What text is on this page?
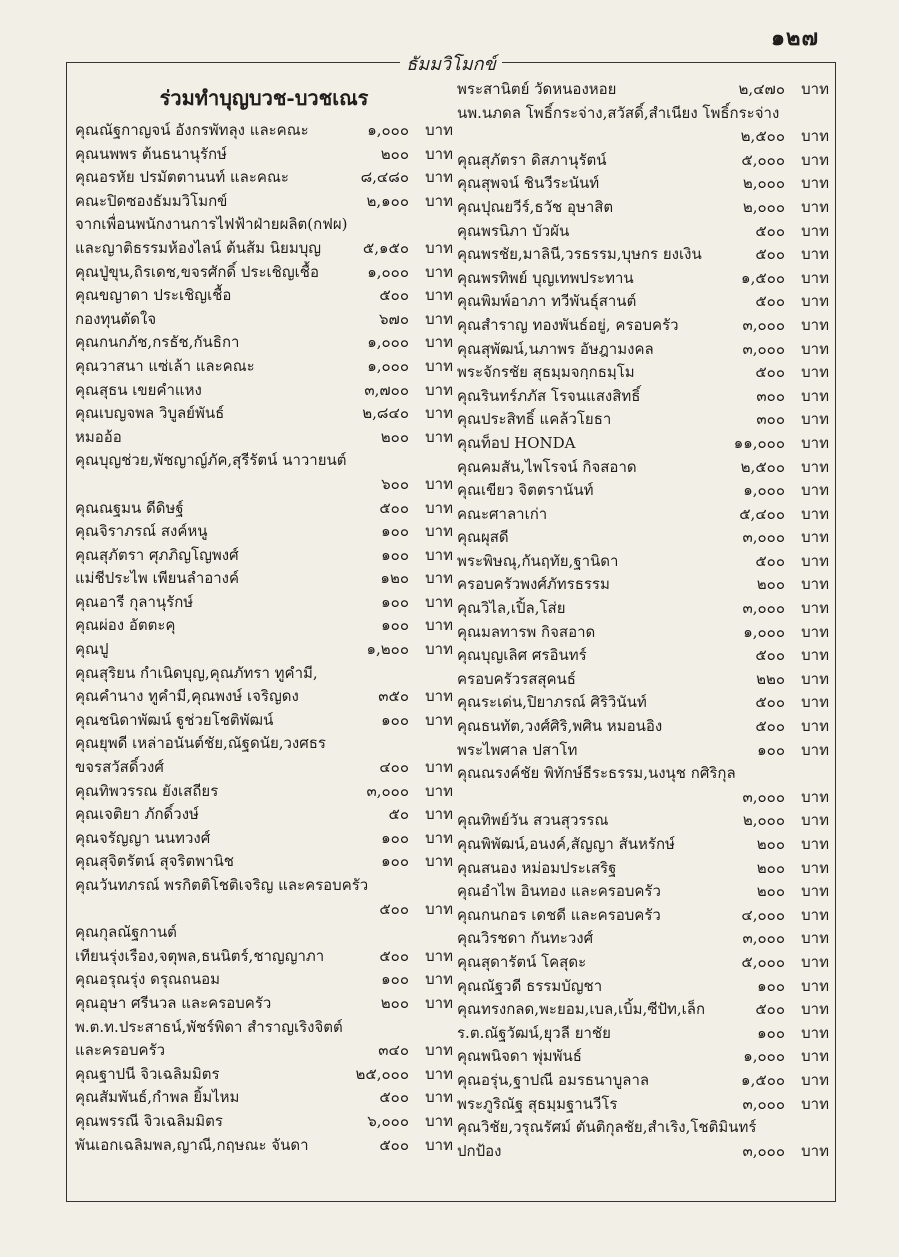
๑๒๗
ธัมมวิโมกข์
ร่วมทำบุญบวช-บวชเณร
คุณณัฐกาญจน์ อังกรพัทลุง และคณะ	๑,๐๐๐	บาท
คุณนพพร ต้นธนานุรักษ์	๒๐๐	บาท
คุณอรหัย ปรมัตตานนท์ และคณะ	๘,๔๘๐	บาท
คณะปิดซองธัมมวิโมกข์	๒,๑๐๐	บาท
จากเพื่อนพนักงานการไฟฟ้าฝ่ายผลิต(กฟผ)
และญาติธรรมห้องไลน์ ต้นส้ม นิยมบุญ	๕,๑๕๐	บาท
คุณปู่ขุน,ถิรเดช,ขจรศักดิ์ ประเชิญเชื้อ	๑,๐๐๐	บาท
คุณขญาดา ประเชิญเชื้อ	๕๐๐	บาท
กองทุนตัดใจ	๖๗๐	บาท
คุณกนกภัช,กรธัช,กันธิกา	๑,๐๐๐	บาท
คุณวาสนา แซ่เล้า และคณะ	๑,๐๐๐	บาท
คุณสุธน เขยคำแหง	๓,๗๐๐	บาท
คุณเบญจพล วิบูลย์พันธ์	๒,๘๔๐	บาท
หมออ้อ	๒๐๐	บาท
คุณบุญช่วย,พัชญาญ์ภัค,สุรีรัตน์ นาวายนต์
๖๐๐	บาท
คุณณฐมน ดีดิษฐ์	๕๐๐	บาท
คุณจิราภรณ์ สงค์หนู	๑๐๐	บาท
คุณสุภัตรา ศุภภิญโญพงศ์	๑๐๐	บาท
แม่ชีประไพ เพียนลำอางค์	๑๒๐	บาท
คุณอารี กุลานุรักษ์	๑๐๐	บาท
คุณผ่อง อัตตะคุ	๑๐๐	บาท
คุณปู	๑,๒๐๐	บาท
คุณสุริยน กำเนิดบุญ,คุณภัทรา ทูคำมี,
คุณคำนาง ทูคำมี,คุณพงษ์ เจริญดง	๓๕๐	บาท
คุณชนิดาพัฒน์ ฐูช่วยโชติพัฒน์	๑๐๐	บาท
คุณยุพดี เหล่าอนันต์ชัย,ณัฐดนัย,วงศธร
ขจรสวัสดิ์วงศ์	๔๐๐	บาท
คุณทิพวรรณ ยังเสถียร	๓,๐๐๐	บาท
คุณเจติยา ภักดิ์วงษ์	๕๐	บาท
คุณจรัญญา นนทวงศ์	๑๐๐	บาท
คุณสุจิตรัตน์ สุจริตพานิช	๑๐๐	บาท
คุณวันทภรณ์ พรกิตติโชติเจริญ และครอบครัว
๕๐๐	บาท
คุณกุลณัฐกานต์
เทียนรุ่งเรือง,จตุพล,ธนนิตร์,ชาญญาภา	๕๐๐	บาท
คุณอรุณรุ่ง ดรุณถนอม	๑๐๐	บาท
คุณอุษา ศรีนวล และครอบครัว	๒๐๐	บาท
พ.ต.ท.ประสาธน์,พัชร์พิดา สำราญเริงจิตต์
และครอบครัว	๓๔๐	บาท
คุณฐาปนี จิวเฉลิมมิตร	๒๕,๐๐๐	บาท
คุณสัมพันธ์,กำพล ยิ้มไหม	๕๐๐	บาท
คุณพรรณี จิวเฉลิมมิตร	๖,๐๐๐	บาท
พันเอกเฉลิมพล,ญาณี,กฤษณะ จันดา	๕๐๐	บาท
พระสานิตย์ วัดหนองหอย	๒,๔๗๐	บาท
นพ.นภดล โพธิ์กระจ่าง,สวัสดิ์,สำเนียง โพธิ์กระจ่าง
๒,๕๐๐	บาท
คุณสุภัตรา ดิสภานุรัตน์	๕,๐๐๐	บาท
คุณสุพจน์ ชินวีระนันท์	๒,๐๐๐	บาท
คุณปุณยวีร์,ธวัช อุษาสิต	๒,๐๐๐	บาท
คุณพรนิภา บัวผัน	๕๐๐	บาท
คุณพรชัย,มาลินี,วรธรรม,บุษกร ยงเงิน	๕๐๐	บาท
คุณพรทิพย์ บุญเทพประทาน	๑,๕๐๐	บาท
คุณพิมพ์อาภา ทวีพันธุ์สานต์	๕๐๐	บาท
คุณสำราญ ทองพันธ์อยู่, ครอบครัว	๓,๐๐๐	บาท
คุณสุพัฒน์,นภาพร อัษฎามงคล	๓,๐๐๐	บาท
พระจักรชัย สุธมฺมจกฺกธมฺโม	๕๐๐	บาท
คุณรินทร์ภภัส โรจนแสงสิทธิ์	๓๐๐	บาท
คุณประสิทธิ์ แคล้วโยธา	๓๐๐	บาท
คุณท็อป HONDA	๑๑,๐๐๐	บาท
คุณคมสัน,ไพโรจน์ กิจสอาด	๒,๕๐๐	บาท
คุณเขียว จิตตรานันท์	๑,๐๐๐	บาท
คณะศาลาเก่า	๕,๔๐๐	บาท
คุณผุสดี	๓,๐๐๐	บาท
พระพิษณุ,กันฤทัย,ฐานิดา	๕๐๐	บาท
ครอบครัวพงศ์ภัทรธรรม	๒๐๐	บาท
คุณวิไล,เปิ้ล,โส่ย	๓,๐๐๐	บาท
คุณมลทารพ กิจสอาด	๑,๐๐๐	บาท
คุณบุญเลิศ ศรอินทร์	๕๐๐	บาท
ครอบครัวรสสุคนธ์	๒๒๐	บาท
คุณระเด่น,ปิยาภรณ์ ศิริวินันท์	๕๐๐	บาท
คุณธนทัต,วงศ์ศิริ,พศิน หมอนอิง	๕๐๐	บาท
พระไพศาล ปสาโท	๑๐๐	บาท
คุณณรงค์ชัย พิทักษ์ธีระธรรม,นงนุช กศิริกุล
๓,๐๐๐	บาท
คุณทิพย์วัน สวนสุวรรณ	๒,๐๐๐	บาท
คุณพิพัฒน์,อนงค์,สัญญา สันหรักษ์	๒๐๐	บาท
คุณสนอง หม่อมประเสริฐ	๒๐๐	บาท
คุณอำไพ อินทอง และครอบครัว	๒๐๐	บาท
คุณกนกอร เดชดี และครอบครัว	๔,๐๐๐	บาท
คุณวิรชดา กันทะวงศ์	๓,๐๐๐	บาท
คุณสุดารัตน์ โคสุดะ	๕,๐๐๐	บาท
คุณณัฐวดี ธรรมบัญชา	๑๐๐	บาท
คุณทรงกลด,พะยอม,เบล,เบิ้ม,ซีปัท,เล็ก	๕๐๐	บาท
ร.ต.ณัฐวัฒน์,ยุวลี ยาชัย	๑๐๐	บาท
คุณพนิจดา พุ่มพันธ์	๑,๐๐๐	บาท
คุณอรุ่น,ฐาปณี อมรธนาบูลาล	๑,๕๐๐	บาท
พระภูริณัฐ สุธมฺมฐานวีโร	๓,๐๐๐	บาท
คุณวิชัย,วรุณรัศม์ ตันติกุลชัย,สำเริง,โชติมินทร์
ปกป้อง	๓,๐๐๐	บาท
